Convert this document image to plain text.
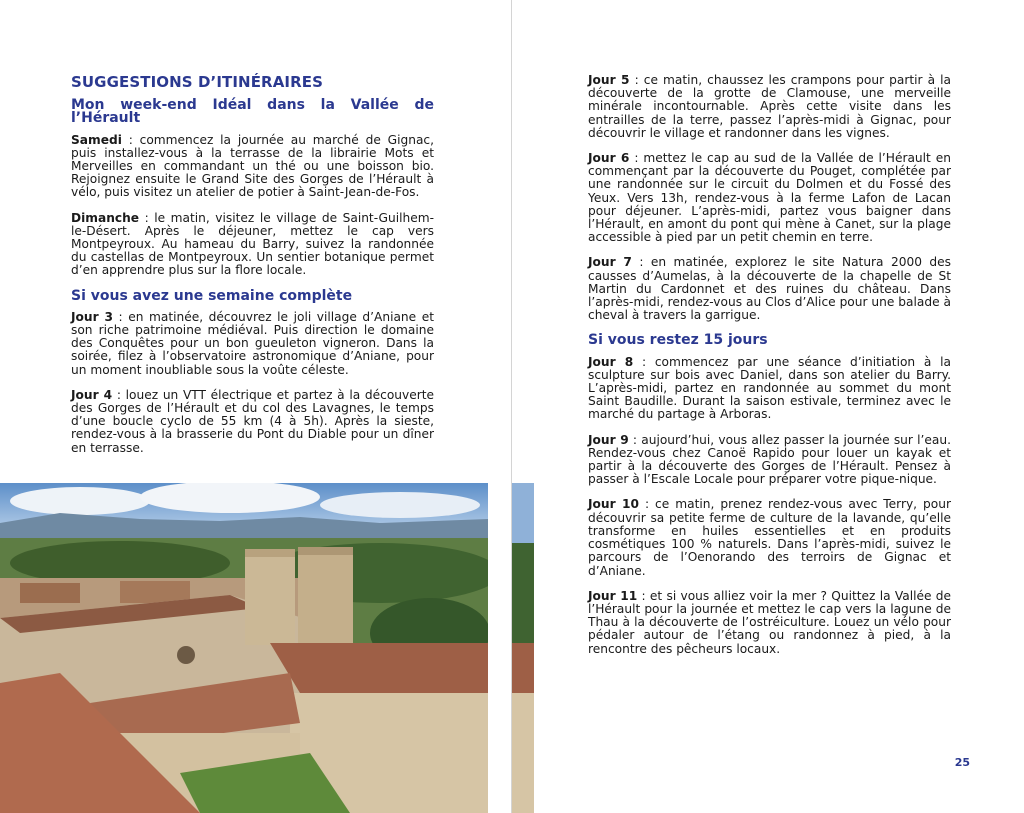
SUGGESTIONS D’ITINÉRAIRES
Mon week-end Idéal dans la Vallée de l’Hérault

Samedi : commencez la journée au marché de Gignac, puis installez-vous à la terrasse de la librairie Mots et Merveilles en commandant un thé ou une boisson bio. Rejoignez ensuite le Grand Site des Gorges de l’Hérault à vélo, puis visitez un atelier de potier à Saint-Jean-de-Fos.

Dimanche : le matin, visitez le village de Saint-Guilhem-le-Désert. Après le déjeuner, mettez le cap vers Montpeyroux. Au hameau du Barry, suivez la randonnée du castellas de Montpeyroux. Un sentier botanique permet d’en apprendre plus sur la flore locale.

Si vous avez une semaine complète

Jour 3 : en matinée, découvrez le joli village d’Aniane et son riche patrimoine médiéval. Puis direction le domaine des Conquêtes pour un bon gueuleton vigneron. Dans la soirée, filez à l’observatoire astronomique d’Aniane, pour un moment inoubliable sous la voûte céleste.

Jour 4 : louez un VTT électrique et partez à la découverte des Gorges de l’Hérault et du col des Lavagnes, le temps d’une boucle cyclo de 55 km (4 à 5h). Après la sieste, rendez-vous à la brasserie du Pont du Diable pour un dîner en terrasse.

Jour 5 : ce matin, chaussez les crampons pour partir à la découverte de la grotte de Clamouse, une merveille minérale incontournable. Après cette visite dans les entrailles de la terre, passez l’après-midi à Gignac, pour découvrir le village et randonner dans les vignes.

Jour 6 : mettez le cap au sud de la Vallée de l’Hérault en commençant par la découverte du Pouget, complétée par une randonnée sur le circuit du Dolmen et du Fossé des Yeux. Vers 13h, rendez-vous à la ferme Lafon de Lacan pour déjeuner. L’après-midi, partez vous baigner dans l’Hérault, en amont du pont qui mène à Canet, sur la plage accessible à pied par un petit chemin en terre.

Jour 7 : en matinée, explorez le site Natura 2000 des causses d’Aumelas, à la découverte de la chapelle de St Martin du Cardonnet et des ruines du château. Dans l’après-midi, rendez-vous au Clos d’Alice pour une balade à cheval à travers la garrigue.

Si vous restez 15 jours

Jour 8 : commencez par une séance d’initiation à la sculpture sur bois avec Daniel, dans son atelier du Barry. L’après-midi, partez en randonnée au sommet du mont Saint Baudille. Durant la saison estivale, terminez avec le marché du partage à Arboras.

Jour 9 : aujourd’hui, vous allez passer la journée sur l’eau. Rendez-vous chez Canoë Rapido pour louer un kayak et partir à la découverte des Gorges de l’Hérault. Pensez à passer à l’Escale Locale pour préparer votre pique-nique.

Jour 10 : ce matin, prenez rendez-vous avec Terry, pour découvrir sa petite ferme de culture de la lavande, qu’elle transforme en huiles essentielles et en produits cosmétiques 100 % naturels. Dans l’après-midi, suivez le parcours de l’Oenorando des terroirs de Gignac et d’Aniane.

Jour 11 : et si vous alliez voir la mer ? Quittez la Vallée de l’Hérault pour la journée et mettez le cap vers la lagune de Thau à la découverte de l’ostréiculture. Louez un vélo pour pédaler autour de l’étang ou randonnez à pied, à la rencontre des pêcheurs locaux.

25
